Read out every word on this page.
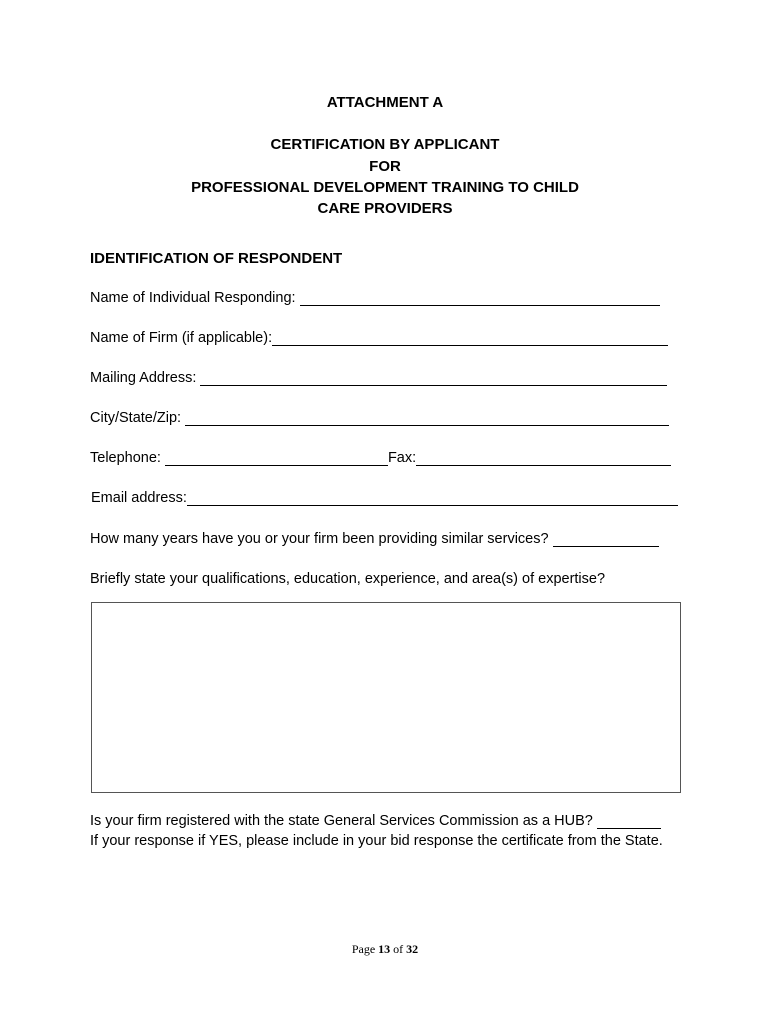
ATTACHMENT A
CERTIFICATION BY APPLICANT
FOR
PROFESSIONAL DEVELOPMENT TRAINING TO CHILD
CARE PROVIDERS
IDENTIFICATION OF RESPONDENT
Name of Individual Responding:
Name of Firm (if applicable):
Mailing Address:
City/State/Zip:
Telephone:	Fax:
Email address:
How many years have you or your firm been providing similar services?
Briefly state your qualifications, education, experience, and area(s) of expertise?
Is your firm registered with the state General Services Commission as a HUB?
If your response if YES, please include in your bid response the certificate from the State.
Page 13 of 32
